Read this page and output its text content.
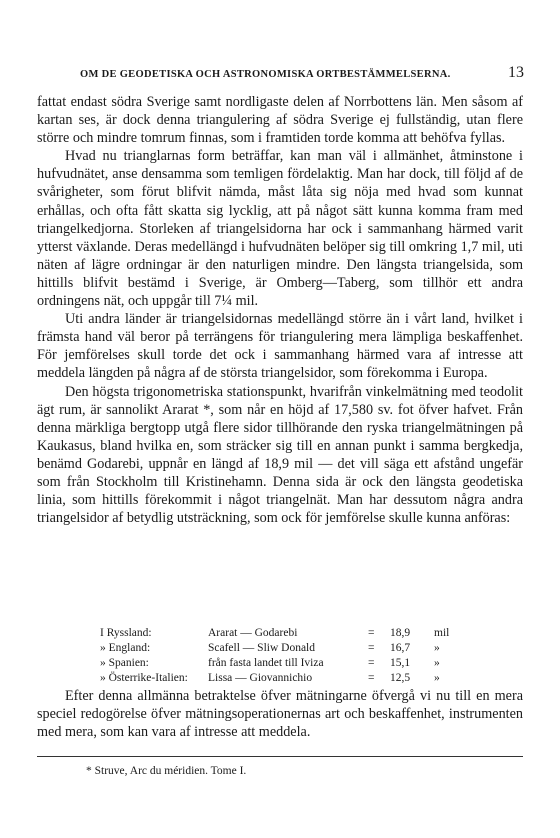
OM DE GEODETISKA OCH ASTRONOMISKA ORTBESTÄMMELSERNA.	13

fattat endast södra Sverige samt nordligaste delen af Norrbottens län. Men såsom af kartan ses, är dock denna triangulering af södra Sverige ej fullständig, utan flere större och mindre tomrum finnas, som i framtiden torde komma att behöfva fyllas.

Hvad nu trianglarnas form beträffar, kan man väl i allmänhet, åtminstone i hufvudnätet, anse densamma som temligen fördelaktig. Man har dock, till följd af de svårigheter, som förut blifvit nämda, måst låta sig nöja med hvad som kunnat erhållas, och ofta fått skatta sig lycklig, att på något sätt kunna komma fram med triangelkedjorna. Storleken af triangelsidorna har ock i sammanhang härmed varit ytterst växlande. Deras medellängd i hufvudnäten belöper sig till omkring 1,7 mil, uti näten af lägre ordningar är den naturligen mindre. Den längsta triangelsida, som hittills blifvit bestämd i Sverige, är Omberg—Taberg, som tillhör ett andra ordningens nät, och uppgår till 7¼ mil.

Uti andra länder är triangelsidornas medellängd större än i vårt land, hvilket i främsta hand väl beror på terrängens för triangulering mera lämpliga beskaffenhet. För jemförelses skull torde det ock i sammanhang härmed vara af intresse att meddela längden på några af de största triangelsidor, som förekomma i Europa.

Den högsta trigonometriska stationspunkt, hvarifrån vinkelmätning med teodolit ägt rum, är sannolikt Ararat *, som når en höjd af 17,580 sv. fot öfver hafvet. Från denna märkliga bergtopp utgå flere sidor tillhörande den ryska triangelmätningen på Kaukasus, bland hvilka en, som sträcker sig till en annan punkt i samma bergkedja, benämd Godarebi, uppnår en längd af 18,9 mil — det vill säga ett afstånd ungefär som från Stockholm till Kristinehamn. Denna sida är ock den längsta geodetiska linia, som hittills förekommit i något triangelnät. Man har dessutom några andra triangelsidor af betydlig utsträckning, som ock för jemförelse skulle kunna anföras:

I Ryssland:	Ararat — Godarebi	=	18,9	mil
» England:	Scafell — Sliw Donald	=	16,7	»
» Spanien:	från fasta landet till Iviza	=	15,1	»
» Österrike-Italien:	Lissa — Giovannichio	=	12,5	»

Efter denna allmänna betraktelse öfver mätningarne öfvergå vi nu till en mera speciel redogörelse öfver mätningsoperationernas art och beskaffenhet, instrumenten med mera, som kan vara af intresse att meddela.

* Struve, Arc du méridien. Tome I.
